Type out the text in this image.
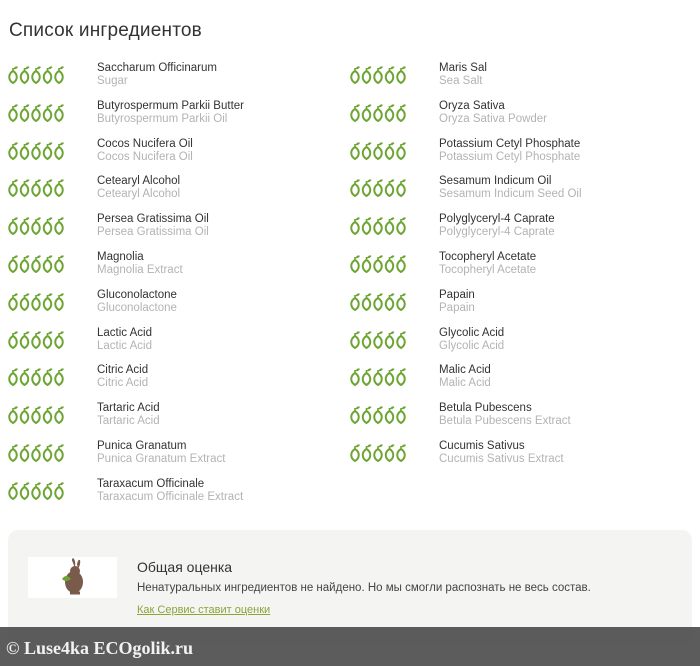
Список ингредиентов
Saccharum Officinarum
Sugar
Butyrospermum Parkii Butter
Butyrospermum Parkii Oil
Cocos Nucifera Oil
Cocos Nucifera Oil
Cetearyl Alcohol
Cetearyl Alcohol
Persea Gratissima Oil
Persea Gratissima Oil
Magnolia
Magnolia Extract
Gluconolactone
Gluconolactone
Lactic Acid
Lactic Acid
Citric Acid
Citric Acid
Tartaric Acid
Tartaric Acid
Punica Granatum
Punica Granatum Extract
Taraxacum Officinale
Taraxacum Officinale Extract
Maris Sal
Sea Salt
Oryza Sativa
Oryza Sativa Powder
Potassium Cetyl Phosphate
Potassium Cetyl Phosphate
Sesamum Indicum Oil
Sesamum Indicum Seed Oil
Polyglyceryl-4 Caprate
Polyglyceryl-4 Caprate
Tocopheryl Acetate
Tocopheryl Acetate
Papain
Papain
Glycolic Acid
Glycolic Acid
Malic Acid
Malic Acid
Betula Pubescens
Betula Pubescens Extract
Cucumis Sativus
Cucumis Sativus Extract
Общая оценка
Ненатуральных ингредиентов не найдено. Но мы смогли распознать не весь состав.
Как Сервис ставит оценки
© Luse4ka ECOgolik.ru
